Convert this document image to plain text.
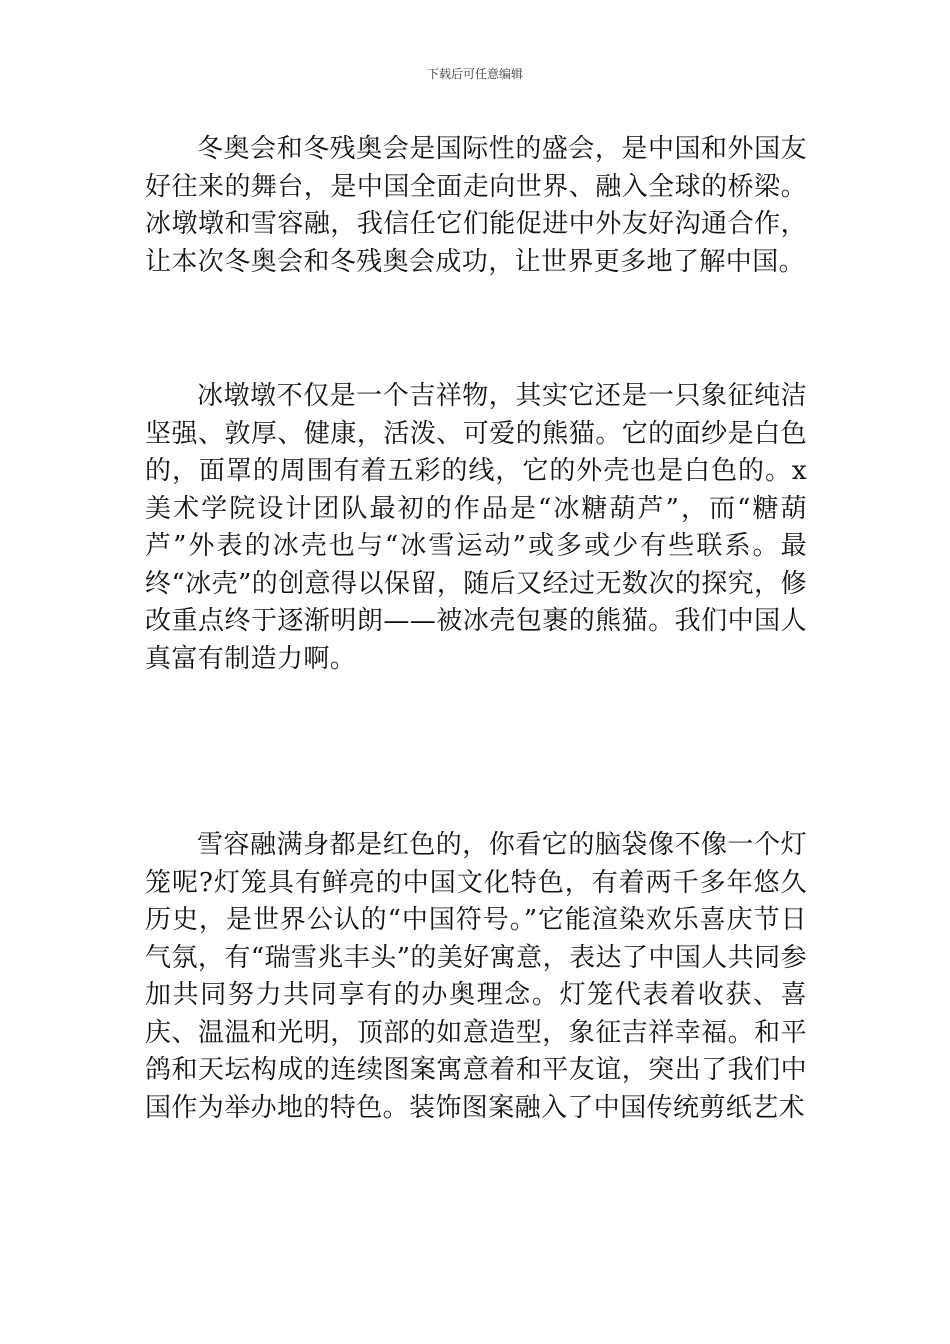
下载后可任意编辑

冬奥会和冬残奥会是国际性的盛会，是中国和外国友好往来的舞台，是中国全面走向世界、融入全球的桥梁。冰墩墩和雪容融，我信任它们能促进中外友好沟通合作，让本次冬奥会和冬残奥会成功，让世界更多地了解中国。

冰墩墩不仅是一个吉祥物，其实它还是一只象征纯洁坚强、敦厚、健康，活泼、可爱的熊猫。它的面纱是白色的，面罩的周围有着五彩的线，它的外壳也是白色的。x美术学院设计团队最初的作品是“冰糖葫芦”，而“糖葫芦”外表的冰壳也与“冰雪运动”或多或少有些联系。最终“冰壳”的创意得以保留，随后又经过无数次的探究，修改重点终于逐渐明朗——被冰壳包裹的熊猫。我们中国人真富有制造力啊。

雪容融满身都是红色的，你看它的脑袋像不像一个灯笼呢?灯笼具有鲜亮的中国文化特色，有着两千多年悠久历史，是世界公认的“中国符号。”它能渲染欢乐喜庆节日气氛，有“瑞雪兆丰头”的美好寓意，表达了中国人共同参加共同努力共同享有的办奥理念。灯笼代表着收获、喜庆、温温和光明，顶部的如意造型，象征吉祥幸福。和平鸽和天坛构成的连续图案寓意着和平友谊，突出了我们中国作为举办地的特色。装饰图案融入了中国传统剪纸艺术
